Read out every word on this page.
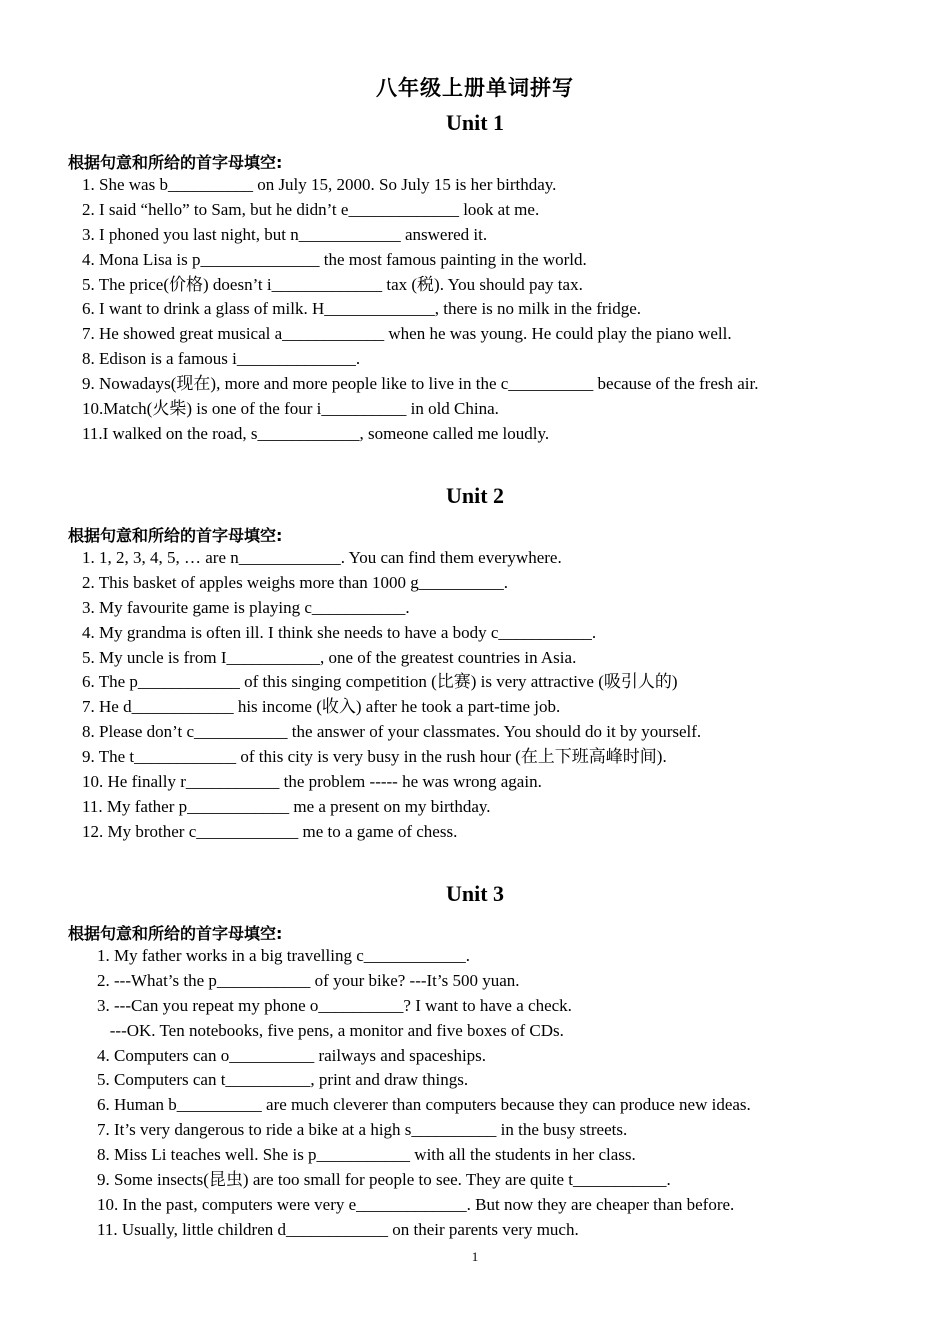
八年级上册单词拼写
Unit 1
根据句意和所给的首字母填空:
1. She was b__________ on July 15, 2000. So July 15 is her birthday.
2. I said “hello” to Sam, but he didn’t e_____________ look at me.
3. I phoned you last night, but n____________ answered it.
4. Mona Lisa is p______________ the most famous painting in the world.
5. The price(价格) doesn’t i_____________ tax (税). You should pay tax.
6. I want to drink a glass of milk. H_____________, there is no milk in the fridge.
7. He showed great musical a____________ when he was young. He could play the piano well.
8. Edison is a famous i______________.
9. Nowadays(现在), more and more people like to live in the c__________ because of the fresh air.
10.Match(火柴) is one of the four i__________ in old China.
11.I walked on the road, s____________, someone called me loudly.
Unit 2
根据句意和所给的首字母填空:
1. 1, 2, 3, 4, 5, … are n____________. You can find them everywhere.
2. This basket of apples weighs more than 1000 g__________.
3. My favourite game is playing c___________.
4. My grandma is often ill. I think she needs to have a body c___________.
5. My uncle is from I___________, one of the greatest countries in Asia.
6. The p____________ of this singing competition (比赛) is very attractive (吸引人的)
7. He d____________ his income (收入) after he took a part-time job.
8. Please don’t c___________ the answer of your classmates. You should do it by yourself.
9. The t____________ of this city is very busy in the rush hour (在上下班高峰时间).
10. He finally r___________ the problem ----- he was wrong again.
11. My father p____________ me a present on my birthday.
12. My brother c____________ me to a game of chess.
Unit 3
根据句意和所给的首字母填空:
1. My father works in a big travelling c____________.
2. ---What’s the p___________ of your bike? ---It’s 500 yuan.
3. ---Can you repeat my phone o__________? I want to have a check.
---OK. Ten notebooks, five pens, a monitor and five boxes of CDs.
4. Computers can o__________ railways and spaceships.
5. Computers can t__________, print and draw things.
6. Human b__________ are much cleverer than computers because they can produce new ideas.
7. It’s very dangerous to ride a bike at a high s__________ in the busy streets.
8. Miss Li teaches well. She is p___________ with all the students in her class.
9. Some insects(昆虫) are too small for people to see. They are quite t___________.
10. In the past, computers were very e_____________. But now they are cheaper than before.
11. Usually, little children d____________ on their parents very much.
1
